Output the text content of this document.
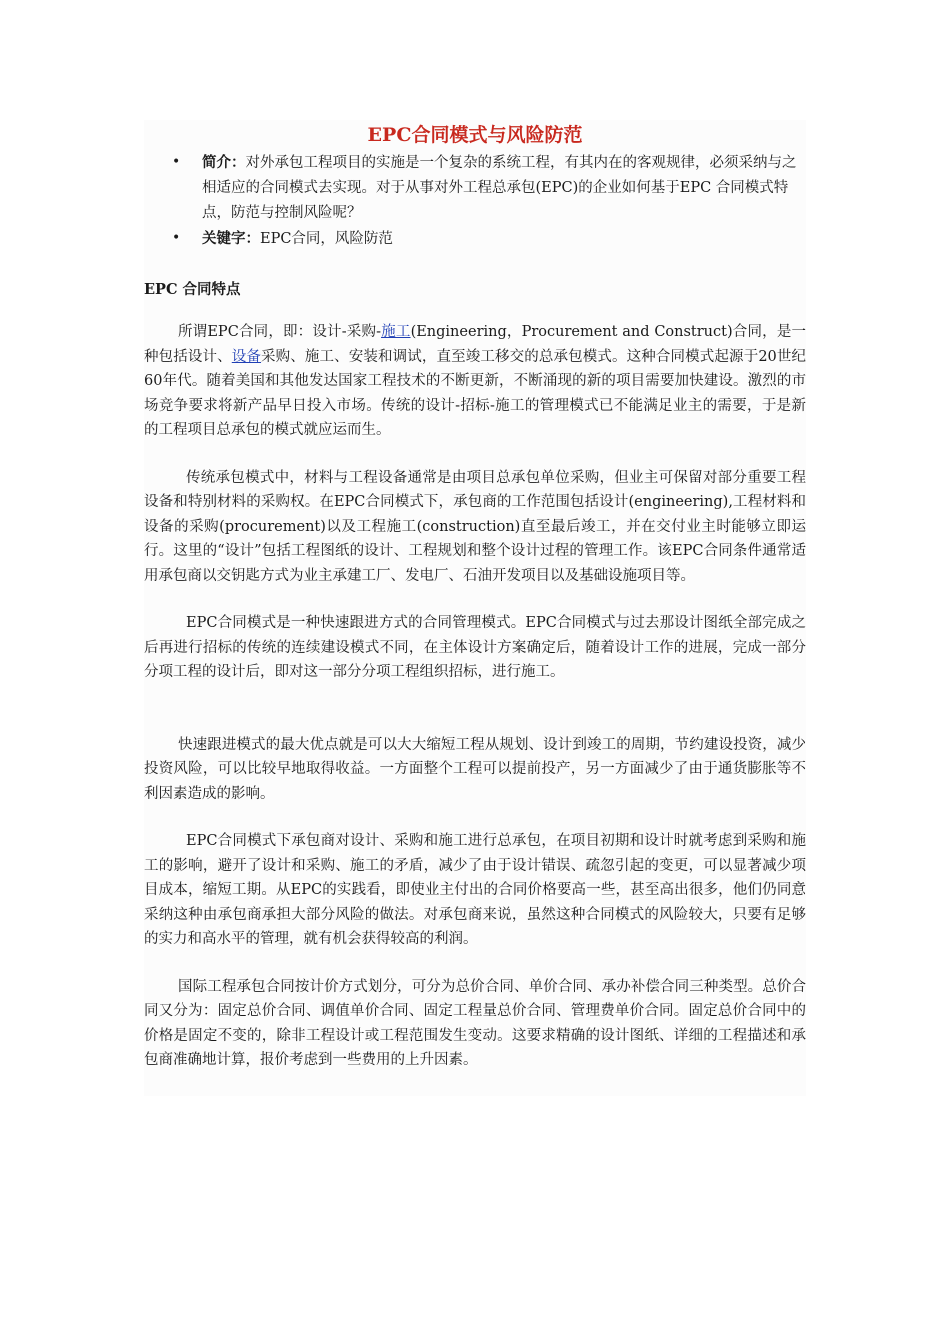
EPC合同模式与风险防范
• 简介：对外承包工程项目的实施是一个复杂的系统工程，有其内在的客观规律，必须采纳与之相适应的合同模式去实现。对于从事对外工程总承包(EPC)的企业如何基于EPC 合同模式特点，防范与控制风险呢？
• 关键字：EPC合同，风险防范
EPC 合同特点

所谓EPC合同，即：设计-采购-施工(Engineering，Procurement and Construct)合同，是一种包括设计、设备采购、施工、安装和调试，直至竣工移交的总承包模式。这种合同模式起源于20世纪60年代。随着美国和其他发达国家工程技术的不断更新，不断涌现的新的项目需要加快建设。激烈的市场竞争要求将新产品早日投入市场。传统的设计-招标-施工的管理模式已不能满足业主的需要，于是新的工程项目总承包的模式就应运而生。

传统承包模式中，材料与工程设备通常是由项目总承包单位采购，但业主可保留对部分重要工程设备和特别材料的采购权。在EPC合同模式下，承包商的工作范围包括设计(engineering),工程材料和设备的采购(procurement)以及工程施工(construction)直至最后竣工，并在交付业主时能够立即运行。这里的“设计”包括工程图纸的设计、工程规划和整个设计过程的管理工作。该EPC合同条件通常适用承包商以交钥匙方式为业主承建工厂、发电厂、石油开发项目以及基础设施项目等。

EPC合同模式是一种快速跟进方式的合同管理模式。EPC合同模式与过去那设计图纸全部完成之后再进行招标的传统的连续建设模式不同，在主体设计方案确定后，随着设计工作的进展，完成一部分分项工程的设计后，即对这一部分分项工程组织招标，进行施工。

快速跟进模式的最大优点就是可以大大缩短工程从规划、设计到竣工的周期，节约建设投资，减少投资风险，可以比较早地取得收益。一方面整个工程可以提前投产，另一方面减少了由于通货膨胀等不利因素造成的影响。

EPC合同模式下承包商对设计、采购和施工进行总承包，在项目初期和设计时就考虑到采购和施工的影响，避开了设计和采购、施工的矛盾，减少了由于设计错误、疏忽引起的变更，可以显著减少项目成本，缩短工期。从EPC的实践看，即使业主付出的合同价格要高一些，甚至高出很多，他们仍同意采纳这种由承包商承担大部分风险的做法。对承包商来说，虽然这种合同模式的风险较大，只要有足够的实力和高水平的管理，就有机会获得较高的利润。

国际工程承包合同按计价方式划分，可分为总价合同、单价合同、承办补偿合同三种类型。总价合同又分为：固定总价合同、调值单价合同、固定工程量总价合同、管理费单价合同。固定总价合同中的价格是固定不变的，除非工程设计或工程范围发生变动。这要求精确的设计图纸、详细的工程描述和承包商准确地计算，报价考虑到一些费用的上升因素。
